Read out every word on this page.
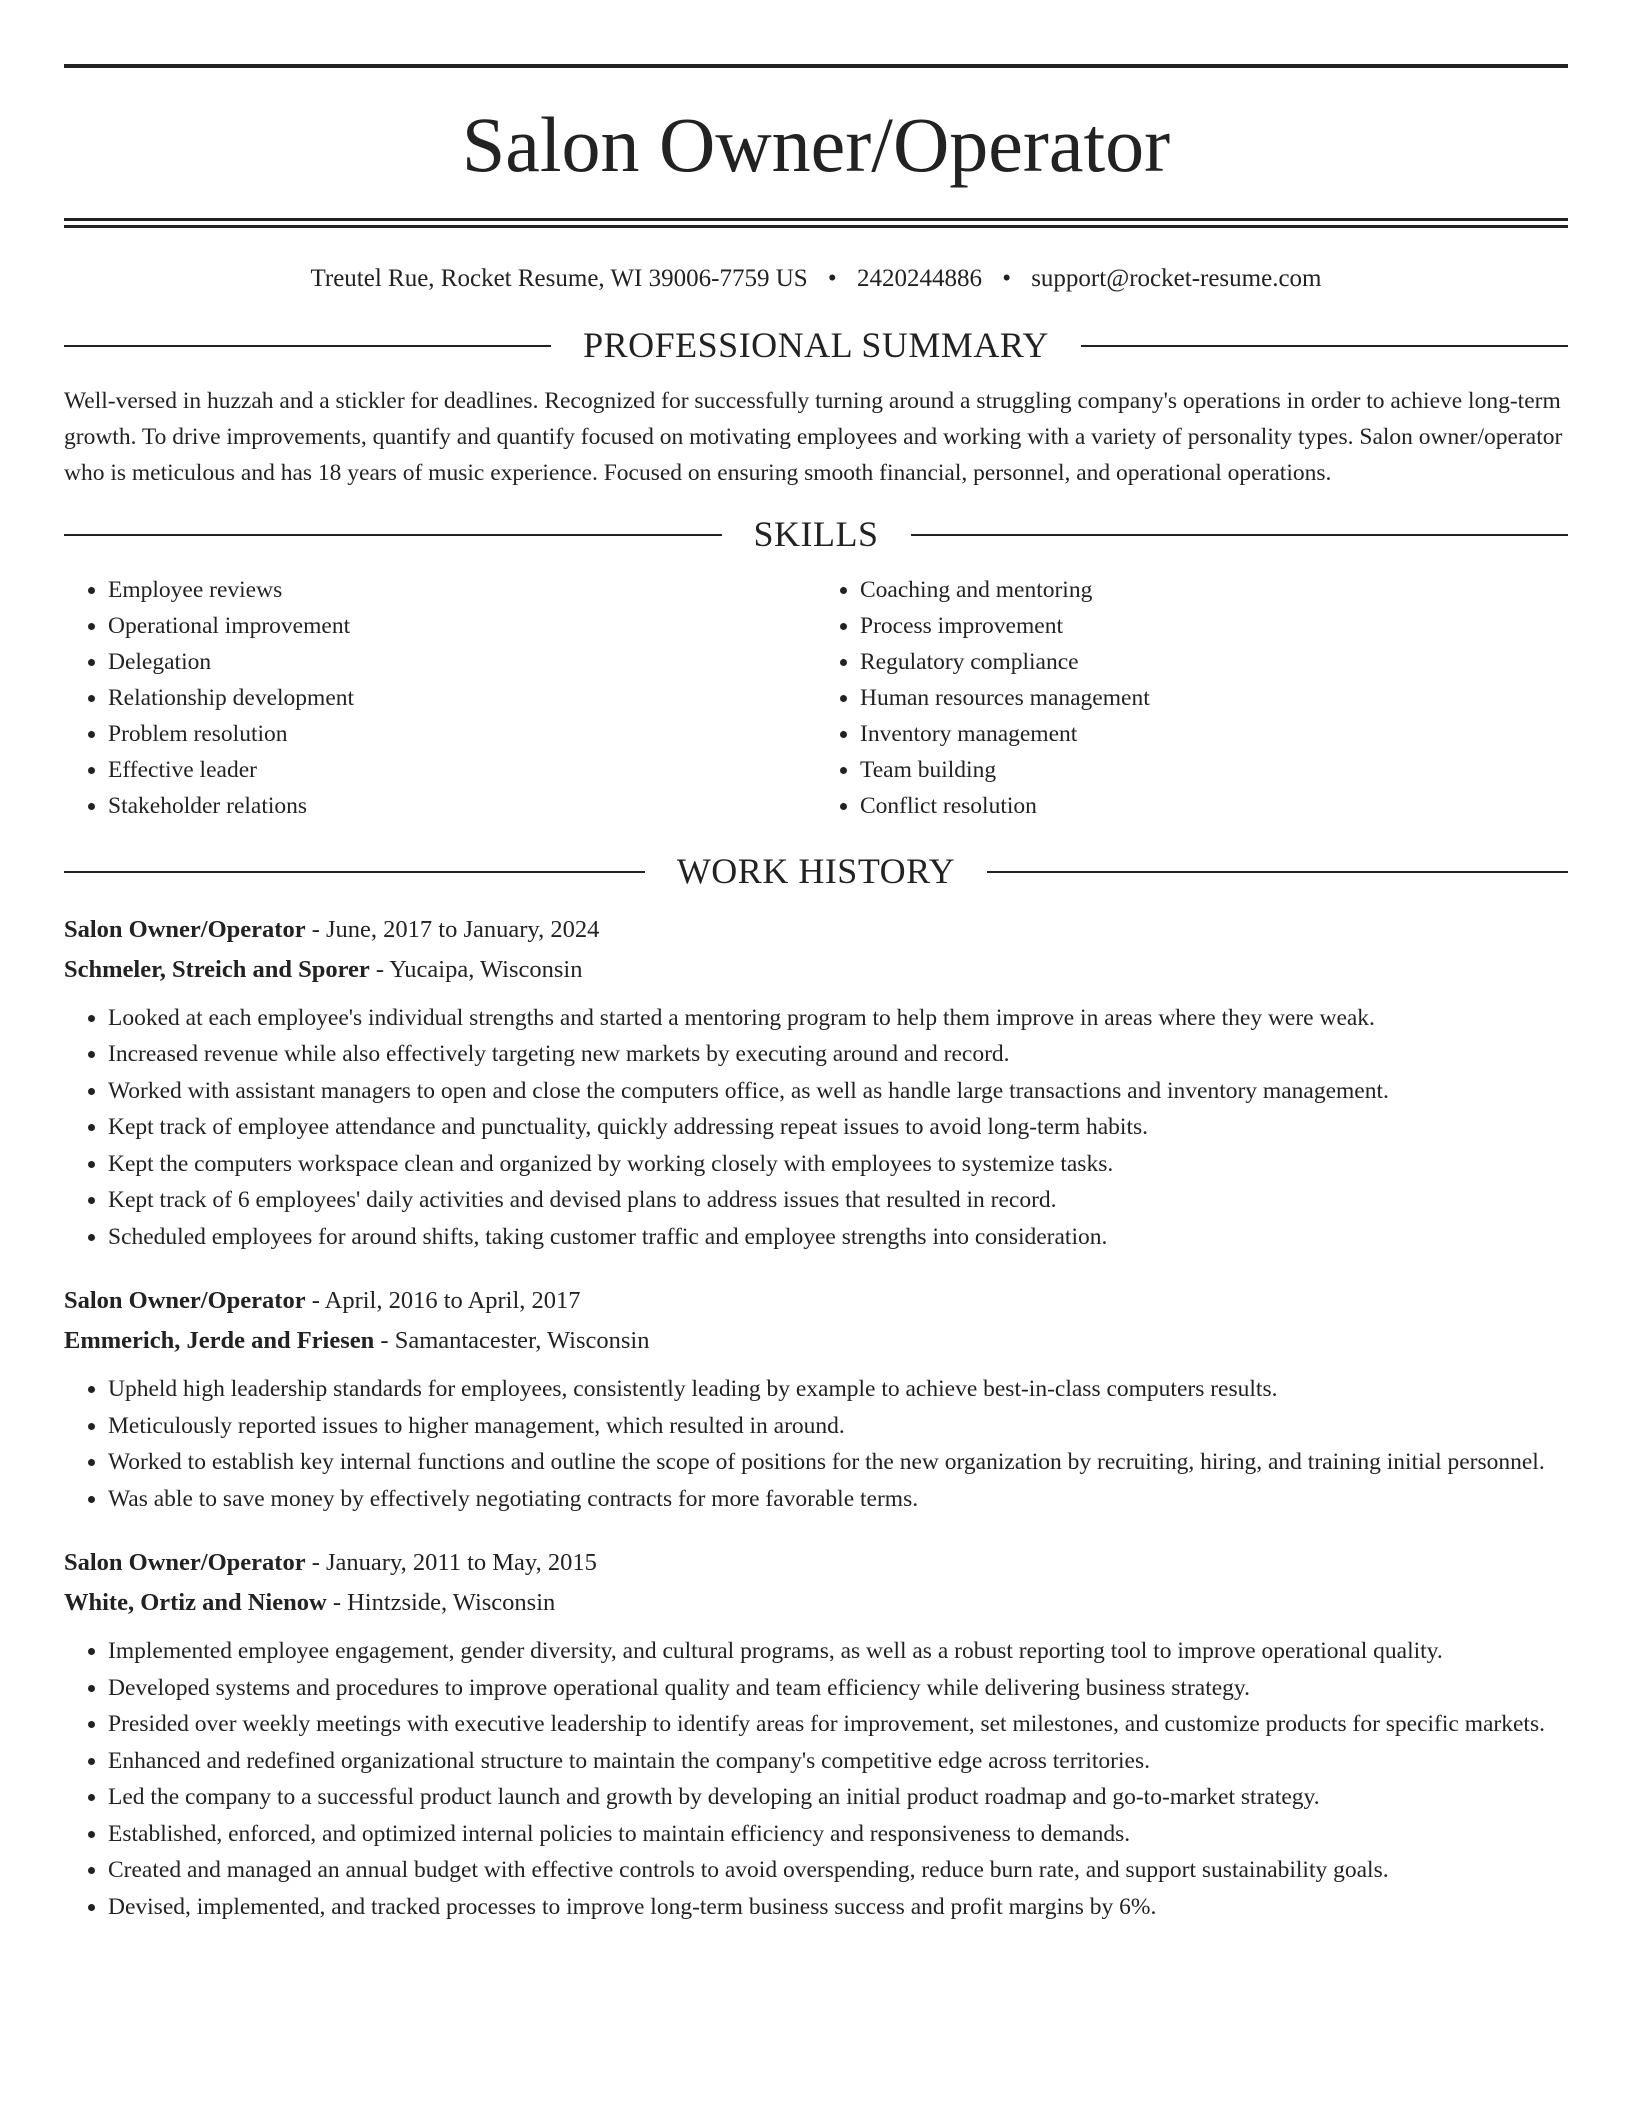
Salon Owner/Operator
Treutel Rue, Rocket Resume, WI 39006-7759 US • 2420244886 • support@rocket-resume.com
PROFESSIONAL SUMMARY

Well-versed in huzzah and a stickler for deadlines. Recognized for successfully turning around a struggling company's operations in order to achieve long-term growth. To drive improvements, quantify and quantify focused on motivating employees and working with a variety of personality types. Salon owner/operator who is meticulous and has 18 years of music experience. Focused on ensuring smooth financial, personnel, and operational operations.

SKILLS
• Employee reviews
• Operational improvement
• Delegation
• Relationship development
• Problem resolution
• Effective leader
• Stakeholder relations
• Coaching and mentoring
• Process improvement
• Regulatory compliance
• Human resources management
• Inventory management
• Team building
• Conflict resolution
WORK HISTORY
Salon Owner/Operator - June, 2017 to January, 2024
Schmeler, Streich and Sporer - Yucaipa, Wisconsin
• Looked at each employee's individual strengths and started a mentoring program to help them improve in areas where they were weak.
• Increased revenue while also effectively targeting new markets by executing around and record.
• Worked with assistant managers to open and close the computers office, as well as handle large transactions and inventory management.
• Kept track of employee attendance and punctuality, quickly addressing repeat issues to avoid long-term habits.
• Kept the computers workspace clean and organized by working closely with employees to systemize tasks.
• Kept track of 6 employees' daily activities and devised plans to address issues that resulted in record.
• Scheduled employees for around shifts, taking customer traffic and employee strengths into consideration.
Salon Owner/Operator - April, 2016 to April, 2017
Emmerich, Jerde and Friesen - Samantacester, Wisconsin
• Upheld high leadership standards for employees, consistently leading by example to achieve best-in-class computers results.
• Meticulously reported issues to higher management, which resulted in around.
• Worked to establish key internal functions and outline the scope of positions for the new organization by recruiting, hiring, and training initial personnel.
• Was able to save money by effectively negotiating contracts for more favorable terms.
Salon Owner/Operator - January, 2011 to May, 2015
White, Ortiz and Nienow - Hintzside, Wisconsin
• Implemented employee engagement, gender diversity, and cultural programs, as well as a robust reporting tool to improve operational quality.
• Developed systems and procedures to improve operational quality and team efficiency while delivering business strategy.
• Presided over weekly meetings with executive leadership to identify areas for improvement, set milestones, and customize products for specific markets.
• Enhanced and redefined organizational structure to maintain the company's competitive edge across territories.
• Led the company to a successful product launch and growth by developing an initial product roadmap and go-to-market strategy.
• Established, enforced, and optimized internal policies to maintain efficiency and responsiveness to demands.
• Created and managed an annual budget with effective controls to avoid overspending, reduce burn rate, and support sustainability goals.
• Devised, implemented, and tracked processes to improve long-term business success and profit margins by 6%.
